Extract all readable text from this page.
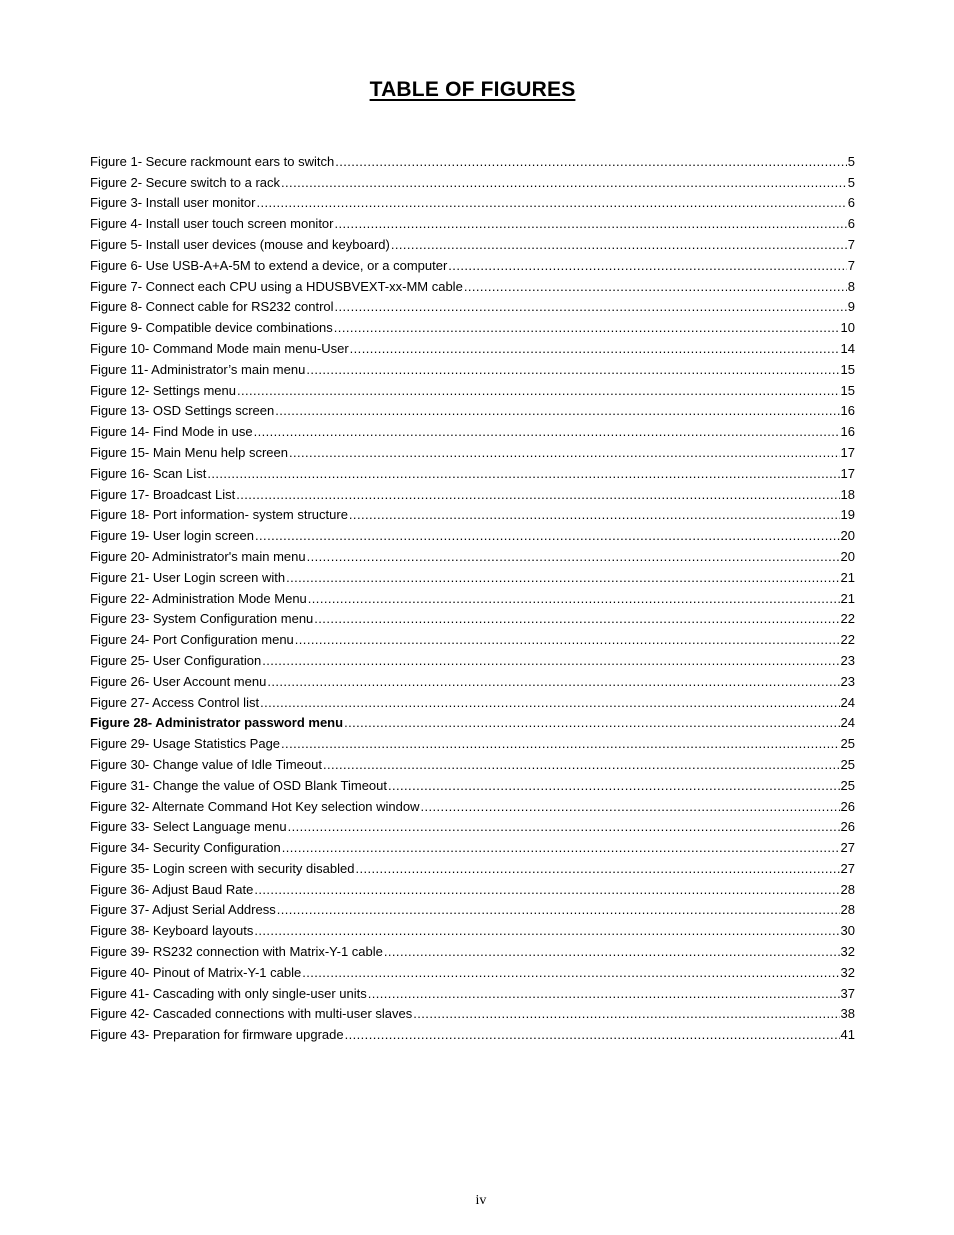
TABLE OF FIGURES
Figure 1- Secure rackmount ears to switch .....	5
Figure 2- Secure switch to a rack .....	5
Figure 3- Install user monitor .....	6
Figure 4- Install user touch screen monitor .....	6
Figure 5- Install user devices (mouse and keyboard) .....	7
Figure 6- Use USB-A+A-5M to extend a device, or a computer .....	7
Figure 7- Connect each CPU using a HDUSBVEXT-xx-MM cable .....	8
Figure 8- Connect cable for RS232 control .....	9
Figure 9- Compatible device combinations .....	10
Figure 10- Command Mode main menu-User .....	14
Figure 11- Administrator’s main menu .....	15
Figure 12- Settings menu .....	15
Figure 13- OSD Settings screen .....	16
Figure 14- Find Mode in use .....	16
Figure 15- Main Menu help screen .....	17
Figure 16- Scan List .....	17
Figure 17- Broadcast List .....	18
Figure 18- Port information- system structure .....	19
Figure 19- User login screen .....	20
Figure 20- Administrator's main menu .....	20
Figure 21- User Login screen with .....	21
Figure 22- Administration Mode Menu .....	21
Figure 23- System Configuration menu .....	22
Figure 24- Port Configuration menu .....	22
Figure 25- User Configuration .....	23
Figure 26- User Account menu .....	23
Figure 27- Access Control list .....	24
Figure 28- Administrator password menu .....	24
Figure 29- Usage Statistics Page .....	25
Figure 30- Change value of Idle Timeout .....	25
Figure 31- Change the value of OSD Blank Timeout .....	25
Figure 32- Alternate Command Hot Key selection window .....	26
Figure 33- Select Language menu .....	26
Figure 34- Security Configuration .....	27
Figure 35- Login screen with security disabled .....	27
Figure 36- Adjust Baud Rate .....	28
Figure 37- Adjust Serial Address .....	28
Figure 38- Keyboard layouts .....	30
Figure 39- RS232 connection with Matrix-Y-1 cable .....	32
Figure 40- Pinout of Matrix-Y-1 cable .....	32
Figure 41- Cascading with only single-user units .....	37
Figure 42- Cascaded connections with multi-user slaves .....	38
Figure 43- Preparation for firmware upgrade .....	41
iv
